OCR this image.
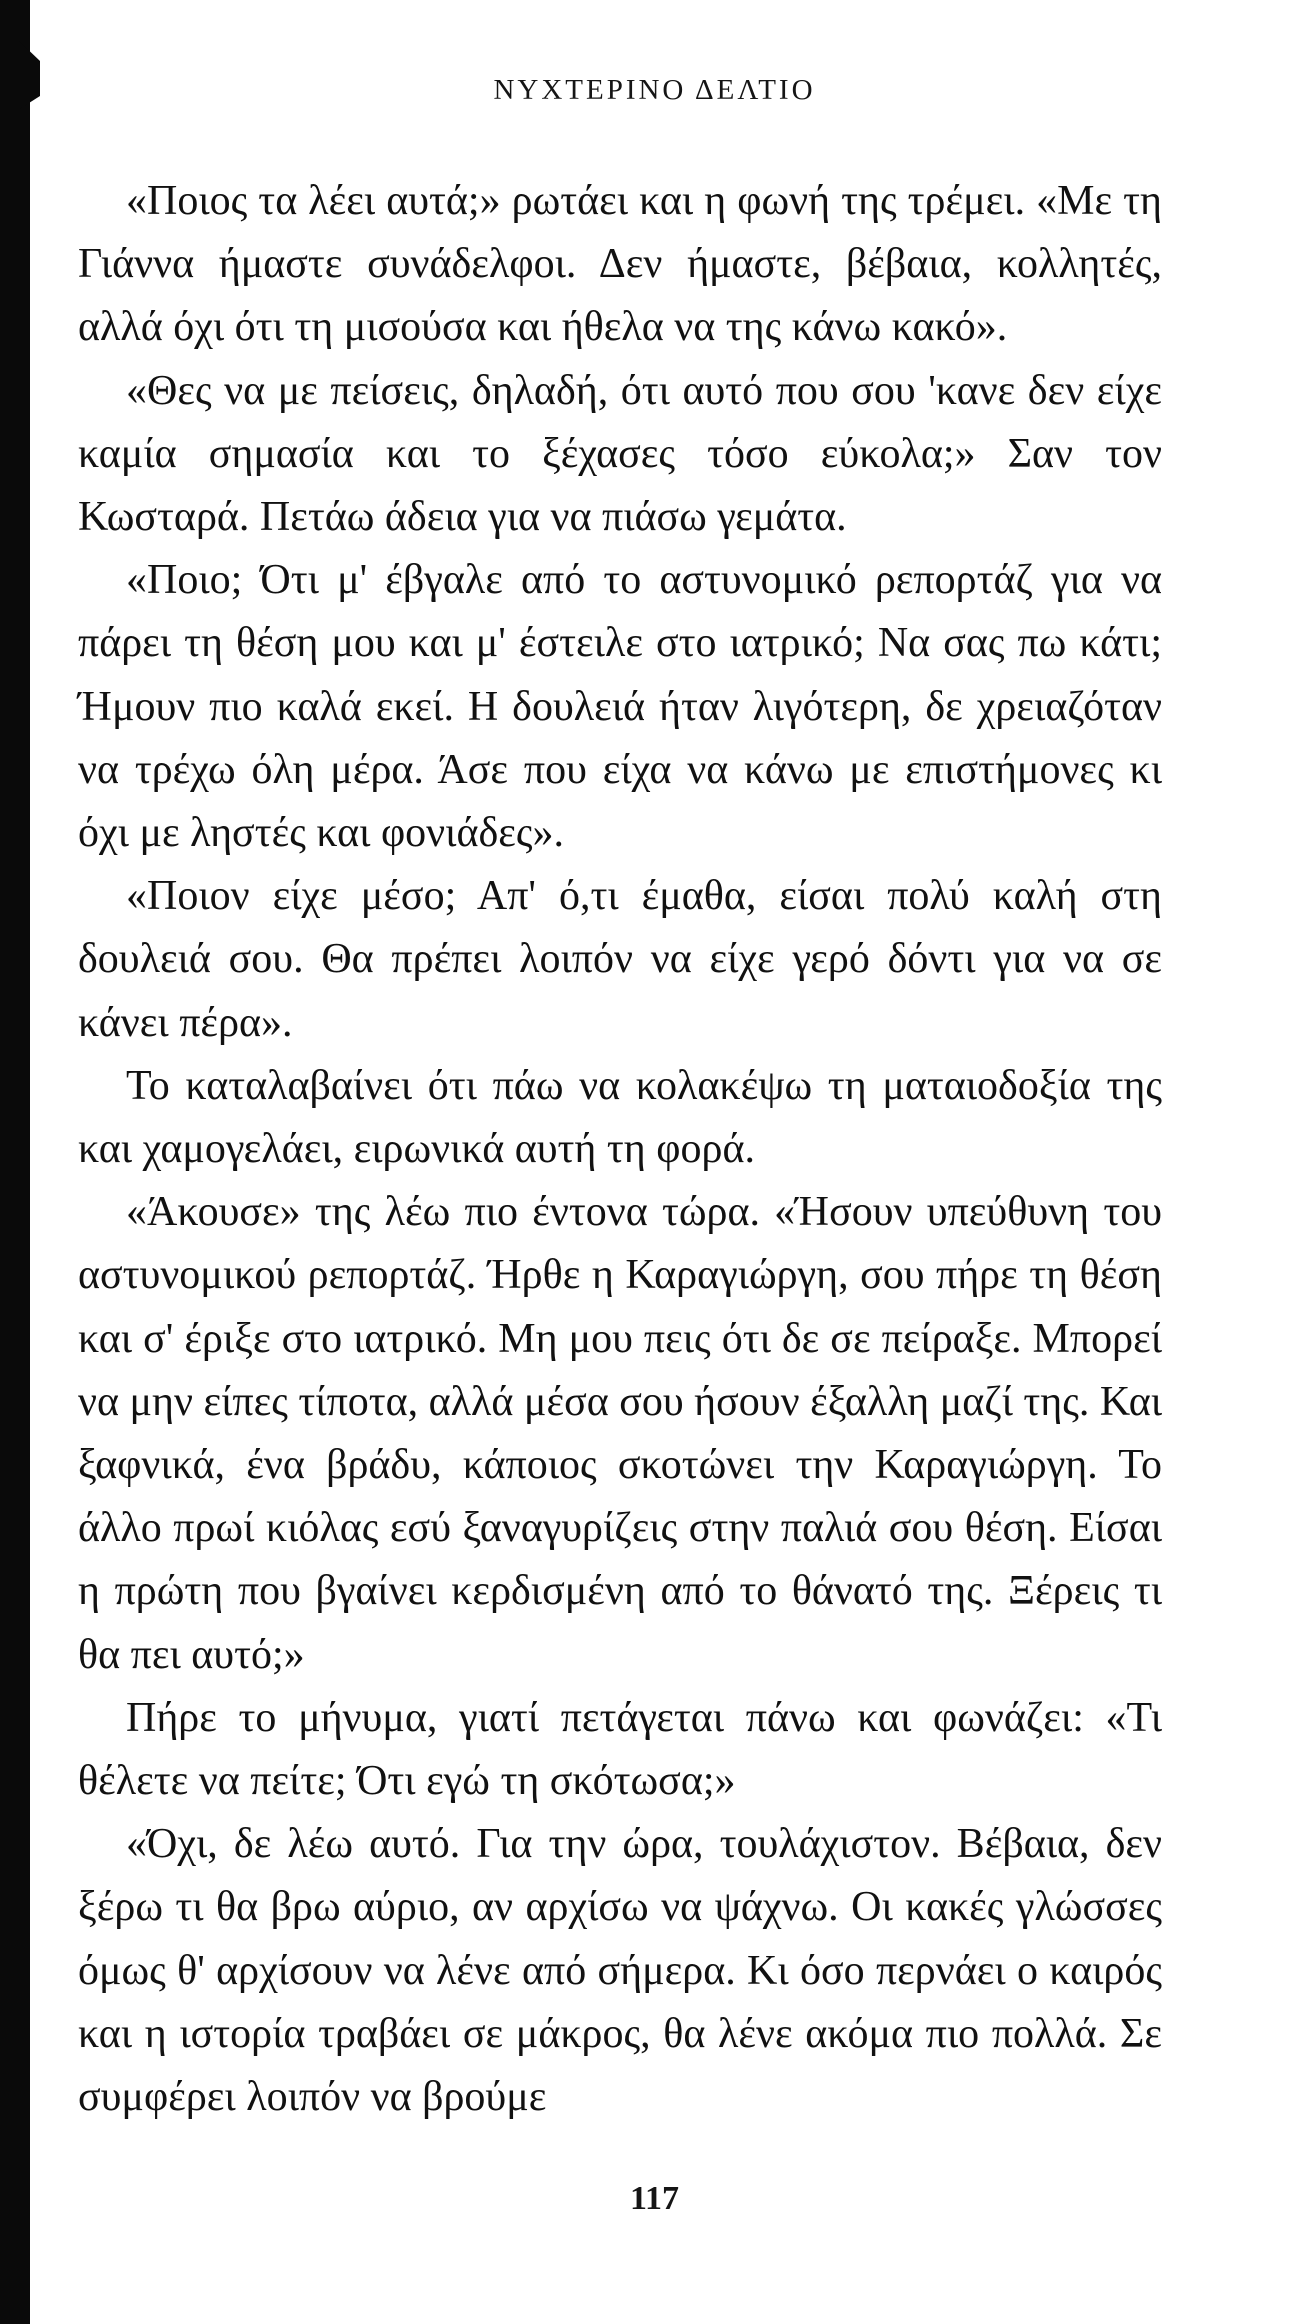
ΝΥΧΤΕΡΙΝΟ ΔΕΛΤΙΟ

«Ποιος τα λέει αυτά;» ρωτάει και η φωνή της τρέμει. «Με τη Γιάννα ήμαστε συνάδελφοι. Δεν ήμαστε, βέβαια, κολλητές, αλλά όχι ότι τη μισούσα και ήθελα να της κάνω κακό».

«Θες να με πείσεις, δηλαδή, ότι αυτό που σου 'κανε δεν είχε καμία σημασία και το ξέχασες τόσο εύκολα;» Σαν τον Κωσταρά. Πετάω άδεια για να πιάσω γεμάτα.

«Ποιο; Ότι μ' έβγαλε από το αστυνομικό ρεπορτάζ για να πάρει τη θέση μου και μ' έστειλε στο ιατρικό; Να σας πω κάτι; Ήμουν πιο καλά εκεί. Η δουλειά ήταν λιγότερη, δε χρειαζόταν να τρέχω όλη μέρα. Άσε που είχα να κάνω με επιστήμονες κι όχι με ληστές και φονιάδες».

«Ποιον είχε μέσο; Απ' ό,τι έμαθα, είσαι πολύ καλή στη δουλειά σου. Θα πρέπει λοιπόν να είχε γερό δόντι για να σε κάνει πέρα».

Το καταλαβαίνει ότι πάω να κολακέψω τη ματαιοδοξία της και χαμογελάει, ειρωνικά αυτή τη φορά.

«Άκουσε» της λέω πιο έντονα τώρα. «Ήσουν υπεύθυνη του αστυνομικού ρεπορτάζ. Ήρθε η Καραγιώργη, σου πήρε τη θέση και σ' έριξε στο ιατρικό. Μη μου πεις ότι δε σε πείραξε. Μπορεί να μην είπες τίποτα, αλλά μέσα σου ήσουν έξαλλη μαζί της. Και ξαφνικά, ένα βράδυ, κάποιος σκοτώνει την Καραγιώργη. Το άλλο πρωί κιόλας εσύ ξαναγυρίζεις στην παλιά σου θέση. Είσαι η πρώτη που βγαίνει κερδισμένη από το θάνατό της. Ξέρεις τι θα πει αυτό;»

Πήρε το μήνυμα, γιατί πετάγεται πάνω και φωνάζει: «Τι θέλετε να πείτε; Ότι εγώ τη σκότωσα;»

«Όχι, δε λέω αυτό. Για την ώρα, τουλάχιστον. Βέβαια, δεν ξέρω τι θα βρω αύριο, αν αρχίσω να ψάχνω. Οι κακές γλώσσες όμως θ' αρχίσουν να λένε από σήμερα. Κι όσο περνάει ο καιρός και η ιστορία τραβάει σε μάκρος, θα λένε ακόμα πιο πολλά. Σε συμφέρει λοιπόν να βρούμε

117
